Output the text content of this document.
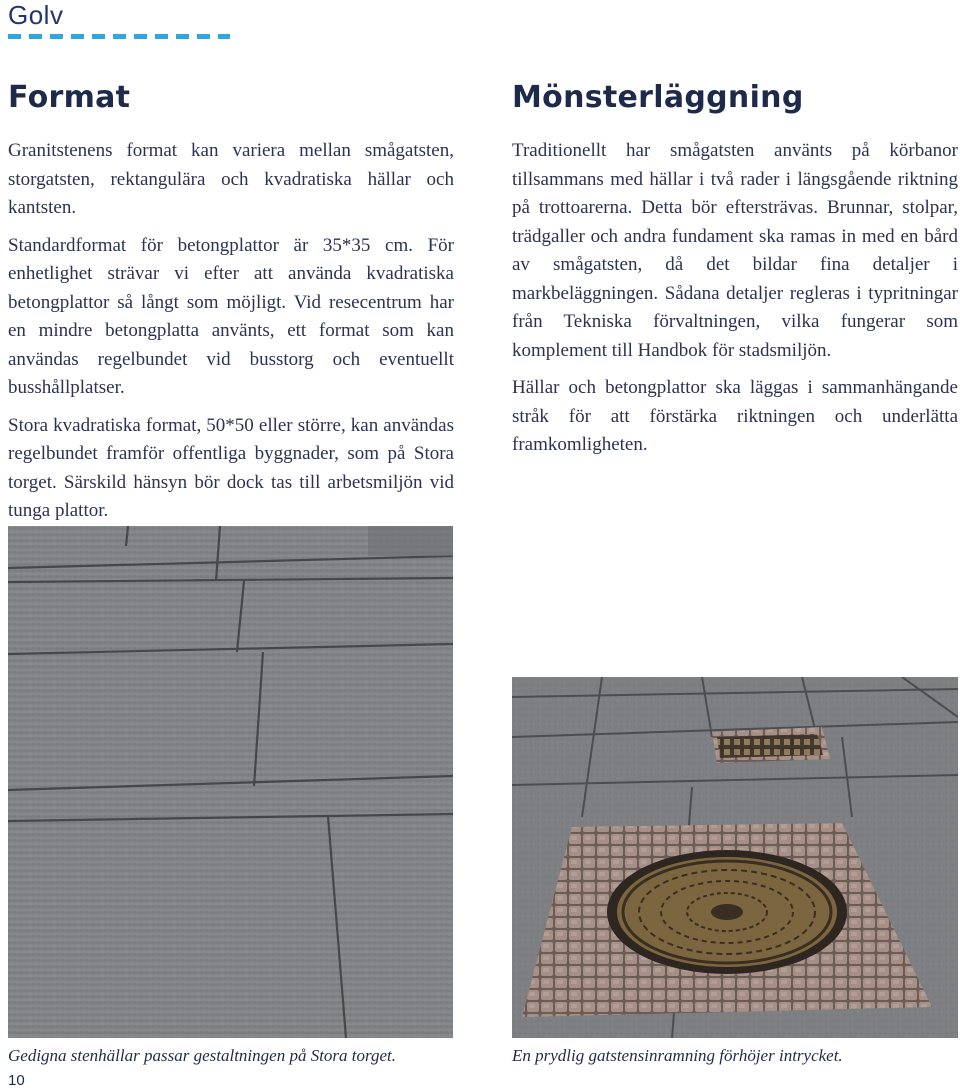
Golv
Format

Granitstenens format kan variera mellan smågatsten, storgatsten, rektangulära och kvadratiska hällar och kantsten.

Standardformat för betongplattor är 35*35 cm. För enhetlighet strävar vi efter att använda kvadratiska betongplattor så långt som möjligt. Vid resecentrum har en mindre betongplatta använts, ett format som kan användas regelbundet vid busstorg och eventuellt busshållplatser.

Stora kvadratiska format, 50*50 eller större, kan användas regelbundet framför offentliga byggnader, som på Stora torget. Särskild hänsyn bör dock tas till arbetsmiljön vid tunga plattor.

Mönsterläggning

Traditionellt har smågatsten använts på körbanor tillsammans med hällar i två rader i längsgående riktning på trottoarerna. Detta bör eftersträvas. Brunnar, stolpar, trädgaller och andra fundament ska ramas in med en bård av smågatsten, då det bildar fina detaljer i markbeläggningen. Sådana detaljer regleras i typritningar från Tekniska förvaltningen, vilka fungerar som komplement till Handbok för stadsmiljön.

Hällar och betongplattor ska läggas i sammanhängande stråk för att förstärka riktningen och underlätta framkomligheten.

Gedigna stenhällar passar gestaltningen på Stora torget.	En prydlig gatstensinramning förhöjer intrycket.
10
